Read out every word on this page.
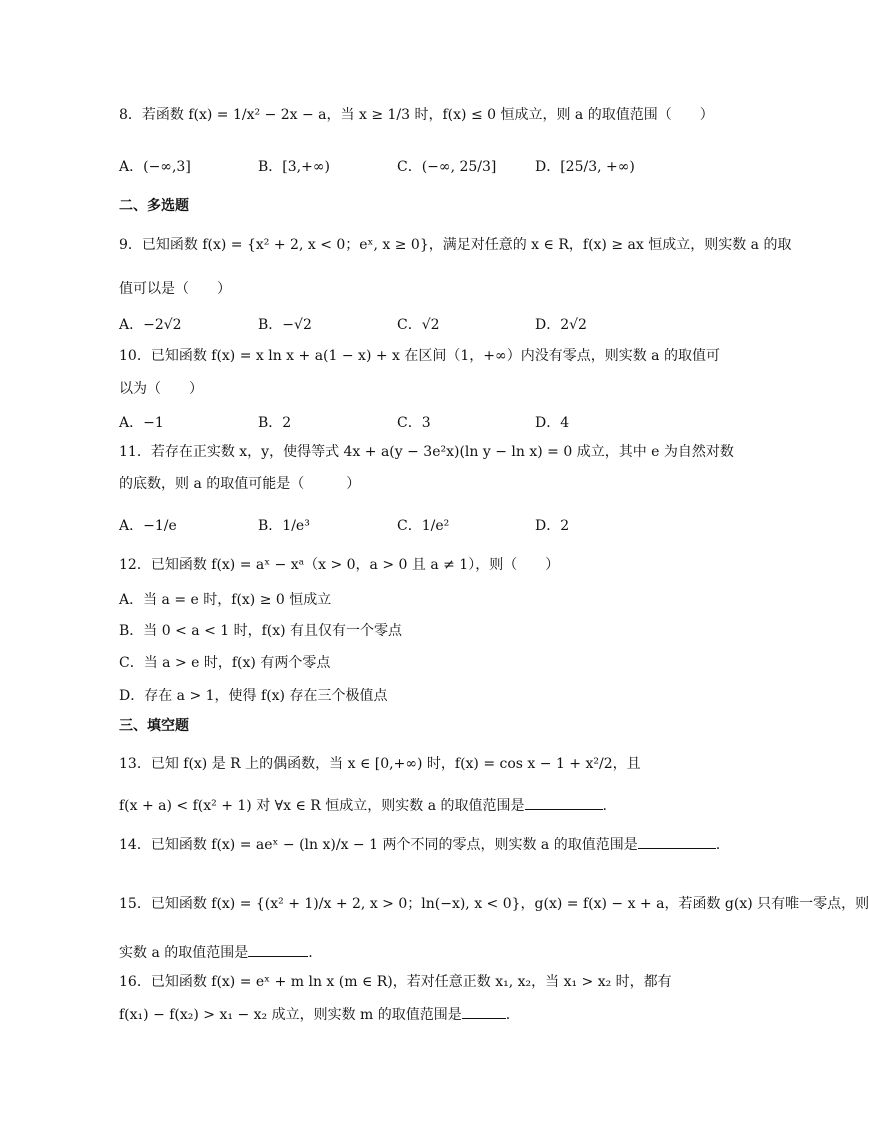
8．若函数 f(x) = 1/x² − 2x − a，当 x ≥ 1/3 时，f(x) ≤ 0 恒成立，则 a 的取值范围（　　）
A．(−∞,3]	B．[3,+∞)	C．(−∞, 25/3]	D．[25/3, +∞)
二、多选题
9．已知函数 f(x) = {x² + 2, x < 0；eˣ, x ≥ 0}，满足对任意的 x ∈ R，f(x) ≥ ax 恒成立，则实数 a 的取
值可以是（　　）
A．−2√2	B．−√2	C．√2	D．2√2
10．已知函数 f(x) = x ln x + a(1 − x) + x 在区间（1，+∞）内没有零点，则实数 a 的取值可
以为（　　）
A．−1	B．2	C．3	D．4
11．若存在正实数 x，y，使得等式 4x + a(y − 3e²x)(ln y − ln x) = 0 成立，其中 e 为自然对数
的底数，则 a 的取值可能是（　　　）
A．−1/e	B．1/e³	C．1/e²	D．2
12．已知函数 f(x) = aˣ − xᵃ（x > 0，a > 0 且 a ≠ 1），则（　　）
A．当 a = e 时，f(x) ≥ 0 恒成立
B．当 0 < a < 1 时，f(x) 有且仅有一个零点
C．当 a > e 时，f(x) 有两个零点
D．存在 a > 1，使得 f(x) 存在三个极值点
三、填空题
13．已知 f(x) 是 R 上的偶函数，当 x ∈ [0,+∞) 时，f(x) = cos x − 1 + x²/2，且
f(x + a) < f(x² + 1) 对 ∀x ∈ R 恒成立，则实数 a 的取值范围是	.
14．已知函数 f(x) = aeˣ − (ln x)/x − 1 两个不同的零点，则实数 a 的取值范围是	.
15．已知函数 f(x) = {(x² + 1)/x + 2, x > 0；ln(−x), x < 0}，g(x) = f(x) − x + a，若函数 g(x) 只有唯一零点，则
实数 a 的取值范围是	.
16．已知函数 f(x) = eˣ + m ln x (m ∈ R)，若对任意正数 x₁, x₂，当 x₁ > x₂ 时，都有
f(x₁) − f(x₂) > x₁ − x₂ 成立，则实数 m 的取值范围是	.
